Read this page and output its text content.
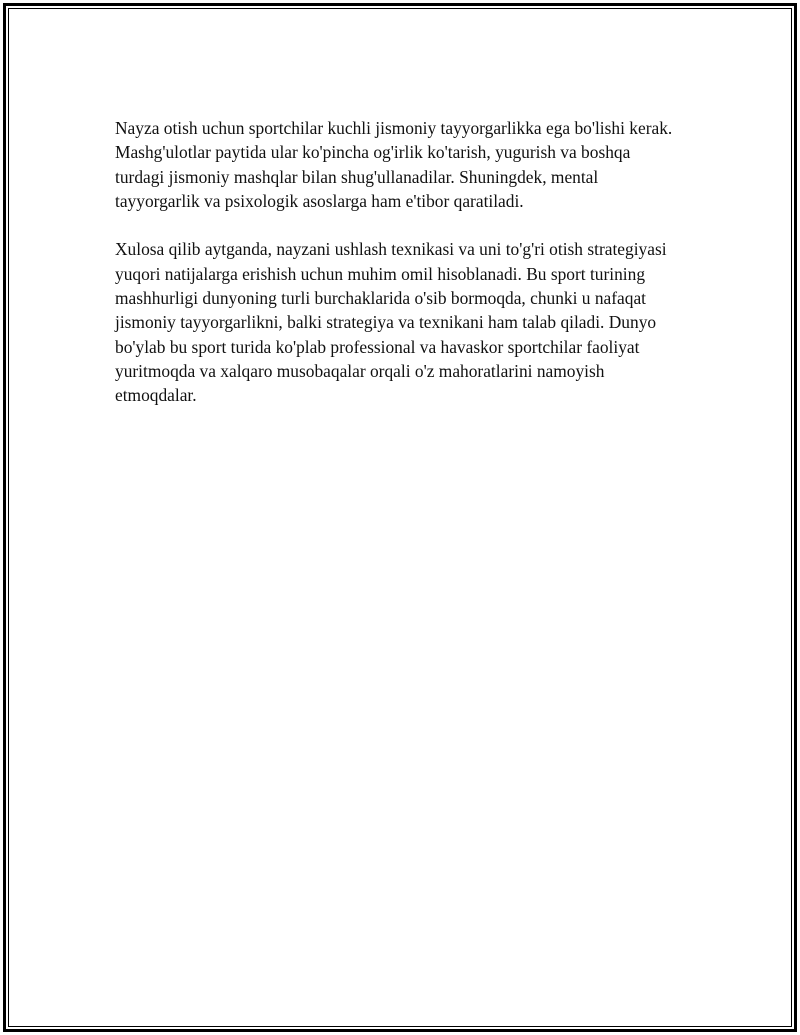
Nayza otish uchun sportchilar kuchli jismoniy tayyorgarlikka ega bo'lishi kerak. Mashg'ulotlar paytida ular ko'pincha og'irlik ko'tarish, yugurish va boshqa turdagi jismoniy mashqlar bilan shug'ullanadilar. Shuningdek, mental tayyorgarlik va psixologik asoslarga ham e'tibor qaratiladi.

Xulosa qilib aytganda, nayzani ushlash texnikasi va uni to'g'ri otish strategiyasi yuqori natijalarga erishish uchun muhim omil hisoblanadi. Bu sport turining mashhurligi dunyoning turli burchaklarida o'sib bormoqda, chunki u nafaqat jismoniy tayyorgarlikni, balki strategiya va texnikani ham talab qiladi. Dunyo bo'ylab bu sport turida ko'plab professional va havaskor sportchilar faoliyat yuritmoqda va xalqaro musobaqalar orqali o'z mahoratlarini namoyish etmoqdalar.
